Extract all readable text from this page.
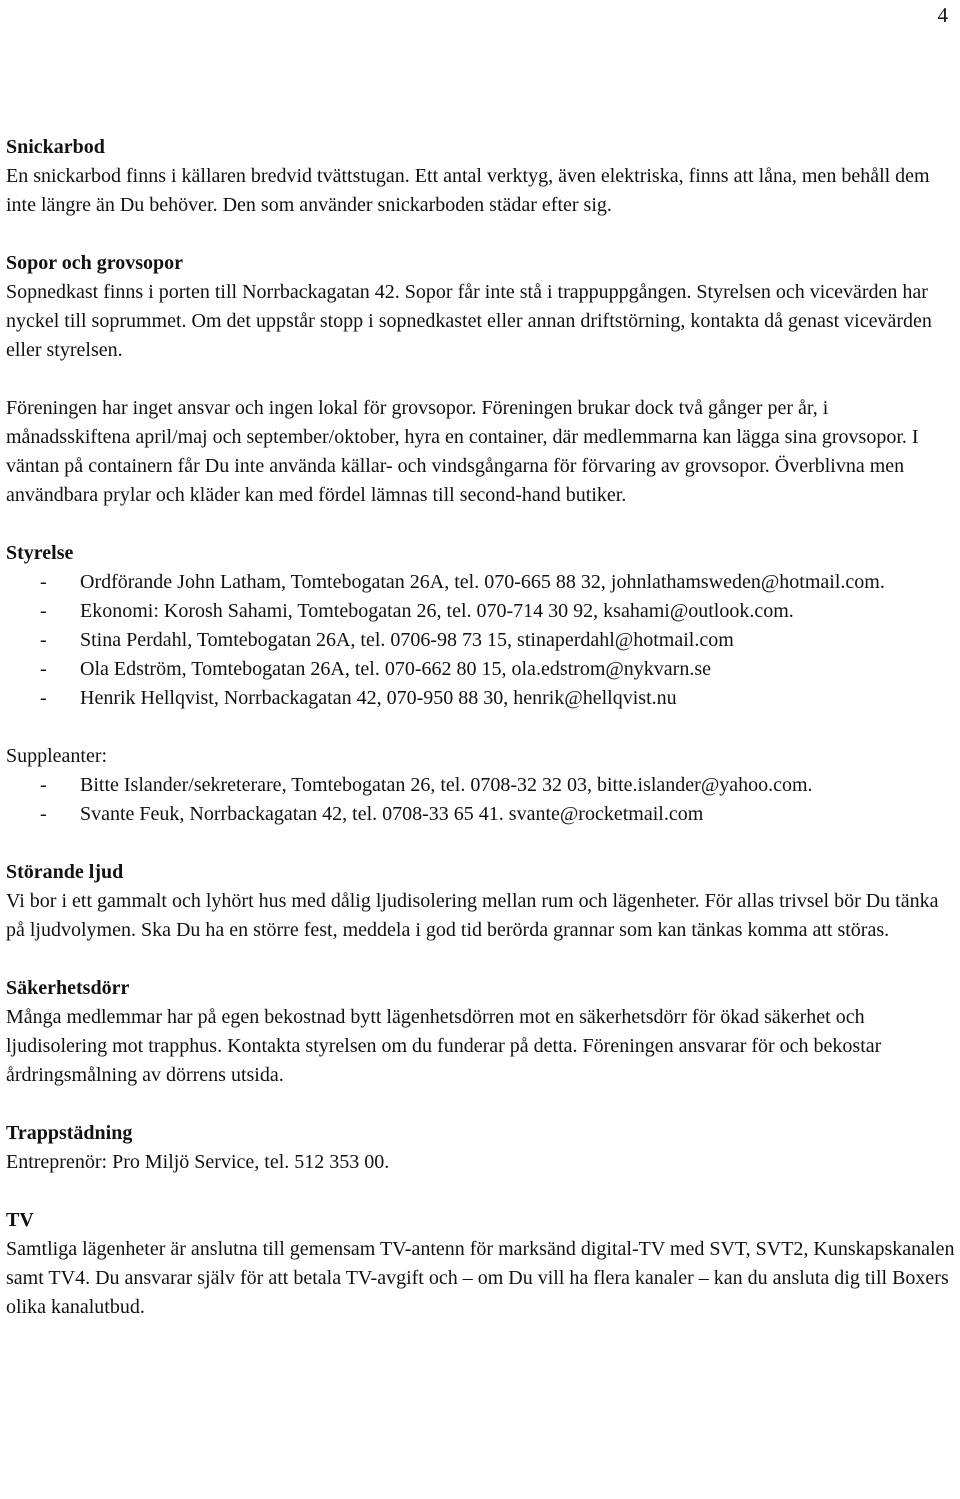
4
Snickarbod

En snickarbod finns i källaren bredvid tvättstugan. Ett antal verktyg, även elektriska, finns att låna, men behåll dem inte längre än Du behöver. Den som använder snickarboden städar efter sig.

Sopor och grovsopor

Sopnedkast finns i porten till Norrbackagatan 42. Sopor får inte stå i trappuppgången. Styrelsen och vicevärden har nyckel till soprummet. Om det uppstår stopp i sopnedkastet eller annan driftstörning, kontakta då genast vicevärden eller styrelsen.

Föreningen har inget ansvar och ingen lokal för grovsopor. Föreningen brukar dock två gånger per år, i månadsskiftena april/maj och september/oktober, hyra en container, där medlemmarna kan lägga sina grovsopor. I väntan på containern får Du inte använda källar- och vindsgångarna för förvaring av grovsopor. Överblivna men användbara prylar och kläder kan med fördel lämnas till second-hand butiker.

Styrelse
- Ordförande John Latham, Tomtebogatan 26A, tel. 070-665 88 32, johnlathamsweden@hotmail.com.
- Ekonomi: Korosh Sahami, Tomtebogatan 26, tel. 070-714 30 92, ksahami@outlook.com.
- Stina Perdahl, Tomtebogatan 26A, tel. 0706-98 73 15, stinaperdahl@hotmail.com
- Ola Edström, Tomtebogatan 26A, tel. 070-662 80 15, ola.edstrom@nykvarn.se
- Henrik Hellqvist, Norrbackagatan 42, 070-950 88 30, henrik@hellqvist.nu

Suppleanter:

- Bitte Islander/sekreterare, Tomtebogatan 26, tel. 0708-32 32 03, bitte.islander@yahoo.com.
- Svante Feuk, Norrbackagatan 42, tel. 0708-33 65 41. svante@rocketmail.com
Störande ljud

Vi bor i ett gammalt och lyhört hus med dålig ljudisolering mellan rum och lägenheter. För allas trivsel bör Du tänka på ljudvolymen. Ska Du ha en större fest, meddela i god tid berörda grannar som kan tänkas komma att störas.

Säkerhetsdörr

Många medlemmar har på egen bekostnad bytt lägenhetsdörren mot en säkerhetsdörr för ökad säkerhet och ljudisolering mot trapphus. Kontakta styrelsen om du funderar på detta. Föreningen ansvarar för och bekostar årdringsmålning av dörrens utsida.

Trappstädning

Entreprenör: Pro Miljö Service, tel. 512 353 00.

TV

Samtliga lägenheter är anslutna till gemensam TV-antenn för marksänd digital-TV med SVT, SVT2, Kunskapskanalen samt TV4. Du ansvarar själv för att betala TV-avgift och – om Du vill ha flera kanaler – kan du ansluta dig till Boxers olika kanalutbud.
